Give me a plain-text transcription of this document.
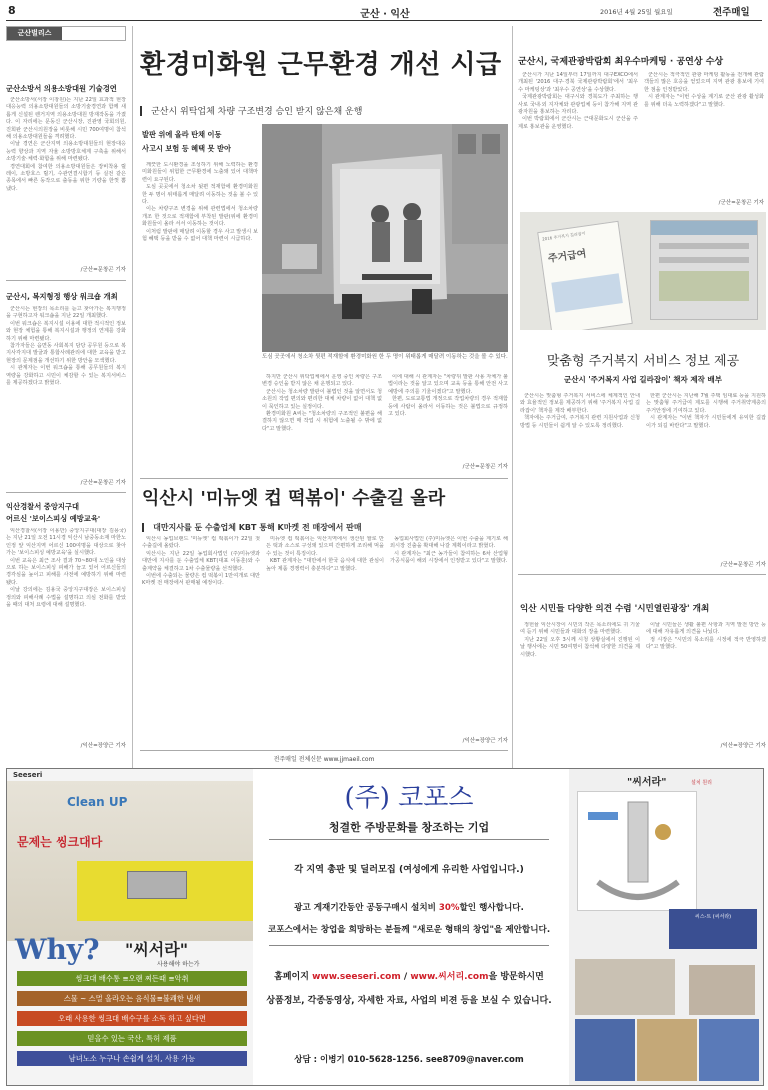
8	군산 · 익산	2016년 4월 25일 월요일	전주매일
군산벌리스
군산소방서 의용소방대원 기술경연

군산소방서(서장 이창원)는 지난 22일 효과적 현장대응능력 의용소방대원들의 소방기술경연과 함께 새롭게 신설된 렌거지역 의용소방대원 방재작동을 가졌다. 이 자리에는 문동신 군산시장, 진관영 국회의원, 진희완 군산시의원장을 비롯해 시민 700여명이 참석해 의용소방대원들을 격려했다.

이날 경연은 군산지역 의용소방대원들의 현장대응능력 향상과 지역 자율 소방방호체계 구축을 위해서 소방기술·체력·화합을 위해 마련됐다.

경연대회에 참여한 의용소방대원들은 장비착용 릴레이, 소방호스 릴기, 수관연결시합기 등 실전 같은 종목에서 빠른 동작으로 출동을 위한 기량을 한껏 뽐냈다.

/군산=문창곤 기자
군산시, 복지형정 행상 워크숍 개최

군산시는 현장의 목소리를 듣고 찾아가는 복지행정을 구현하고자 워크숍을 지난 22일 개최했다.

이번 워크숍은 복지시설 이용에 대한 적시적인 정보와 현장 체험을 통해 복지시설과 행정의 연계를 강화하기 위해 마련됐다.

참가자들은 읍면동 사회복지 담당 공무원 등으로 복지사각지대 발굴과 통합사례관리에 대한 교육을 받고 현장의 문제점을 개선하기 위한 방안을 모색했다.

시 관계자는 이번 워크숍을 통해 공무원들의 복지 역량을 강화하고 시민이 체감할 수 있는 복지서비스를 제공하겠다고 밝혔다.

/군산=문창곤 기자
익산경찰서 중앙지구대
어르신 '보이스피싱 예방교육'

익산경찰서(서장 이용만) 중앙지구대(대장 김용국)는 지난 21일 오전 11시경 익산시 남중동소재 마한노인정 앞 익산지역 어르신 100여명을 대상으로 찾아가는 '보이스피싱 예방교육'을 실시했다.

이번 교육은 최근 조사 결과 70~80대 노인을 대상으로 하는 보이스피싱 피해가 늘고 있어 어르신들의 경각심을 높이고 피해를 사전에 예방하기 위해 마련됐다.

이날 강의에는 김용국 중앙지구대장은 보이스피싱 정의와 피해사례 수법을 설명하고 의심 전화를 받았을 때의 대처 요령에 대해 설명했다.

/익산=장양근 기자
환경미화원 근무환경 개선 시급
군산시 위탁업체 차량 구조변경 승인 받지 않은채 운행
발판 위에 올라 탄채 이동
사고시 보험 등 혜택 못 받아

깨끗한 도시환경을 조성하기 위해 노력하는 환경미화원들이 위험한 근무환경에 노출돼 있어 대책마련이 요구된다.

도심 곳곳에서 청소차 뒷편 적재함에 환경미화원 한 두 명이 위태롭게 매달려 이동하는 것을 볼 수 있다.

이는 차량구조 변경을 위해 관련법에서 청소차량 개조 한 것으로 적재함에 부착된 발판(위에 환경미화원들이 올라 서서 이동하는 것이다.

이처럼 발판에 매달려 이동할 경우 사고 발생시 보험 혜택 등을 받을 수 없어 대책 마련이 시급하다.

도심 곳곳에서 청소차 뒷편 적재함에 환경미화원 한 두 명이 위태롭게 매달려 이동하는 것을 볼 수 있다.

하지만 군산시 위탁업체에서 운영 중인 차량은 구조변경 승인을 받지 않은 채 운행되고 있다.

군산시는 청소차량 발판이 불법인 것을 알면서도 청소원의 작업 편의와 편리한 대체 차량이 없어 대책 없이 묵인하고 있는 실정이다.

환경미화원 A씨는 "청소차량의 구조적인 불편을 해결하지 않으면 매 작업 시 위험에 노출될 수 밖에 없다"고 말했다.

이에 대해 시 관계자는 "차량뒤 발판 사용 자체가 불법이라는 것을 알고 있으며 교육 등을 통해 안전 사고 예방에 주의를 기울이겠다"고 말했다.

한편, 도로교통법 개정으로 작업차량의 경우 적재함 등에 사람이 올라서 이동하는 것은 불법으로 규정하고 있다.

/군산=문창곤 기자
익산시 '미뉴엣 컵 떡볶이' 수출길 올라
대만지사를 둔 수출업체 KBT 통해 K마켓 전 매장에서 판매

익산시 농업브랜드 '미뉴엣' 컵 떡볶이가 22일 첫 수출길에 올랐다.

익산시는 지난 22일 농업회사법인 (주)미뉴엣과 대만에 지사를 둔 수출업체 KBT(대표 이동훈)와 수출계약을 체결하고 1차 수출물량을 선적했다.

이번에 수출되는 물량은 컵 떡볶이 1만여개로 대만 K마켓 전 매장에서 판매될 예정이다.

미뉴엣 컵 떡볶이는 익산지역에서 생산된 쌀로 만든 떡과 소스로 구성돼 있으며 간편하게 조리해 먹을 수 있는 것이 특징이다.

KBT 관계자는 "대만에서 한국 음식에 대한 관심이 높아 제품 경쟁력이 충분하다"고 말했다.

농업회사법인 (주)미뉴엣은 이번 수출을 계기로 해외시장 진출을 확대해 나갈 계획이라고 밝혔다.

시 관계자는 "최근 농가들이 참여하는 6차 산업형 가공식품이 해외 시장에서 인정받고 있다"고 말했다.

/익산=장양근 기자
전주매일 전체신문 www.jjmaeil.com
군산시, 국제관광박람회 최우수마케팅 · 공연상 수상

군산시가 지난 14일부터 17일까지 대구EXCO에서 개최된 '2016 대구·경북 국제관광박람회'에서 '최우수 마케팅상'과 '최우수 공연상'을 수상했다.

국제관광박람회는 대구시와 경북도가 주최하는 행사로 국내·외 지자체와 관광업체 등이 참가해 지역 관광자원을 홍보하는 자리다.

이번 박람회에서 군산시는 근대문화도시 군산을 주제로 홍보관을 운영했다.

군산시는 적극적인 관광 마케팅 활동을 전개해 관람객들의 많은 호응을 얻었으며 지역 관광 홍보에 기여한 점을 인정받았다.

시 관계자는 "이번 수상을 계기로 군산 관광 활성화를 위해 더욱 노력하겠다"고 말했다.

/군산=문창곤 기자
2016 주거복지 길라잡이
주거급여
맞춤형 주거복지 서비스 정보 제공
군산시 '주거복지 사업 길라잡이' 책자 제작 배부

군산시는 맞춤형 주거복지 서비스에 체계적인 안내와 효율적인 정보를 제공하기 위해 '주거복지 사업 길라잡이' 책자를 제작 배부한다.

책자에는 주거급여, 주거복지 관련 지원사업과 신청 방법 등 시민들이 쉽게 알 수 있도록 정리했다.

한편 군산시는 지난해 7월 주택 임대료 등을 지원하는 맞춤형 주거급여 제도를 시행해 주거취약계층의 주거안정에 기여하고 있다.

시 관계자는 "이번 책자가 시민들에게 유익한 길잡이가 되길 바란다"고 말했다.

/군산=문창곤 기자
익산 시민들 다양한 의견 수렴 '시민열린광장' 개최

정헌율 익산시장이 시민의 작은 목소리에도 귀 기울여 듣기 위해 시민들과 대화의 장을 마련했다.

지난 22일 오후 3시께 시청 상황실에서 진행된 이날 행사에는 시민 50여명이 참석해 다양한 의견을 제시했다.

이날 시민들은 생활 불편 사항과 지역 발전 방안 등에 대해 자유롭게 의견을 나눴다.

정 시장은 "시민의 목소리를 시정에 적극 반영하겠다"고 말했다.

/익산=장양근 기자
Seeseri
Clean UP
문제는 씽크대다
Why? "씨서라"
사용해야 하는가
씽크대 배수통 ≡오랜 찌든때 ≡악취
스물 ~ 스멀 올라오는 음식물≡불쾌한 냄새
오래 사용한 씽크대 배수구를 소독 하고 싶다면
믿을수 있는 국산, 특허 제품
남녀노소 누구나 손쉽게 설치, 사용 가능
(주) 코포스
청결한 주방문화를 창조하는 기업
각 지역 총판 및 딜러모집 (여성에게 유리한 사업입니다.)
광고 게재기간동안 공동구매시 설치비 30%할인 행사합니다.
코포스에서는 창업을 희망하는 분들께 "새로운 형태의 창업"을 제안합니다.
홈페이지 www.seeseri.com / www.씨서리.com을 방문하시면
상품정보, 각종동영상, 자세한 자료, 사업의 비젼 등을 보실 수 있습니다.
상담 : 이병기 010-5628-1256. see8709@naver.com
"씨서라"	설치 원리
씨스-트 (씨서라)
